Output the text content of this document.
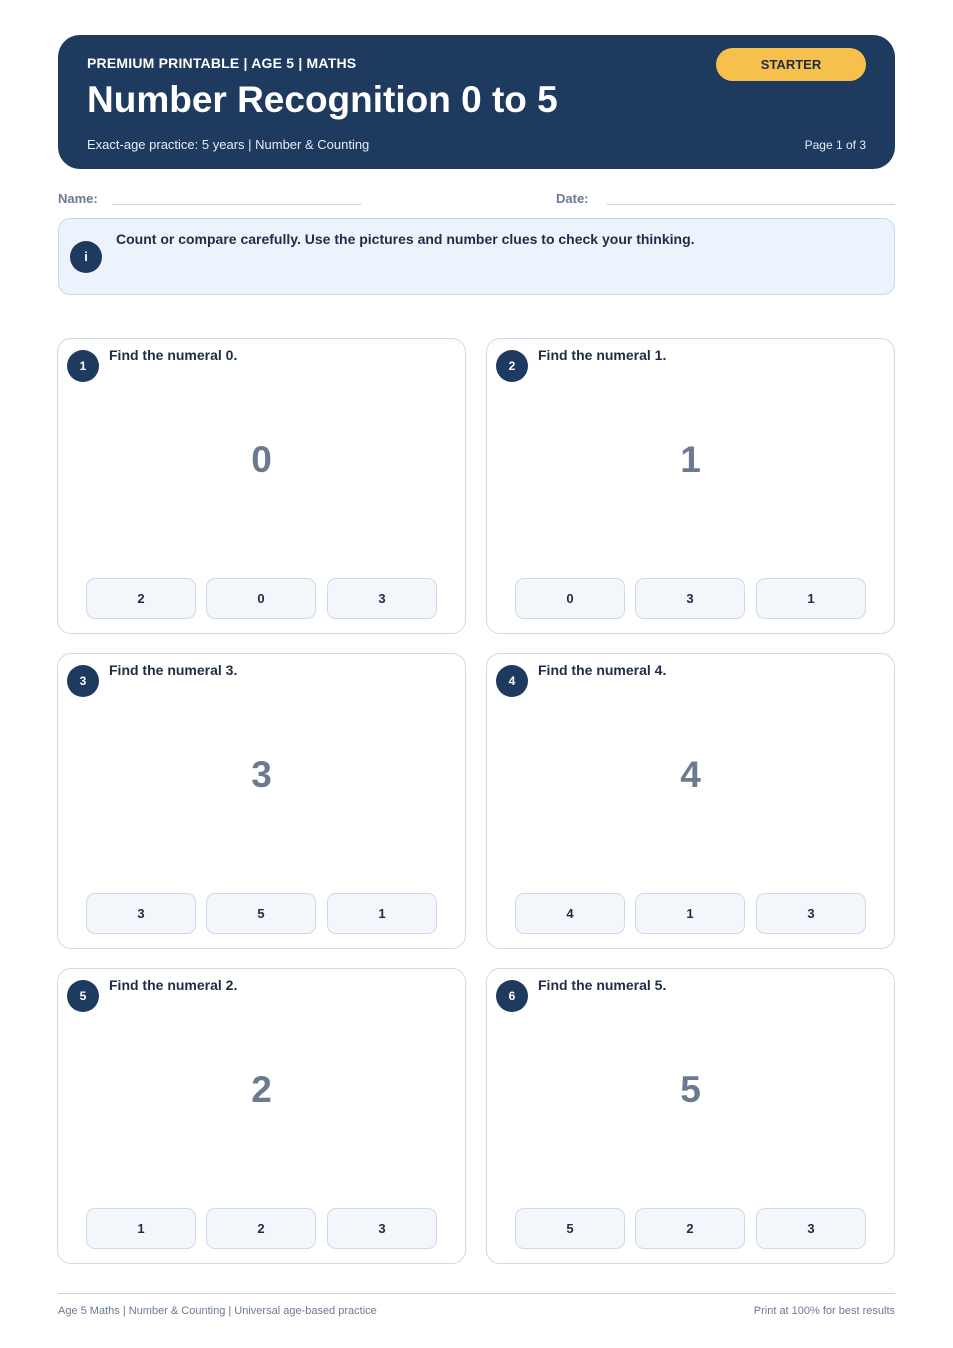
PREMIUM PRINTABLE | AGE 5 | MATHS
Number Recognition 0 to 5
Exact-age practice: 5 years | Number & Counting
STARTER
Page 1 of 3
Name:	Date:
i
Count or compare carefully. Use the pictures and number clues to check your thinking.
1
Find the numeral 0.
0
2	0	3
2
Find the numeral 1.
1
0	3	1
3
Find the numeral 3.
3
3	5	1
4
Find the numeral 4.
4
4	1	3
5
Find the numeral 2.
2
1	2	3
6
Find the numeral 5.
5
5	2	3
Age 5 Maths | Number & Counting | Universal age-based practice	Print at 100% for best results
